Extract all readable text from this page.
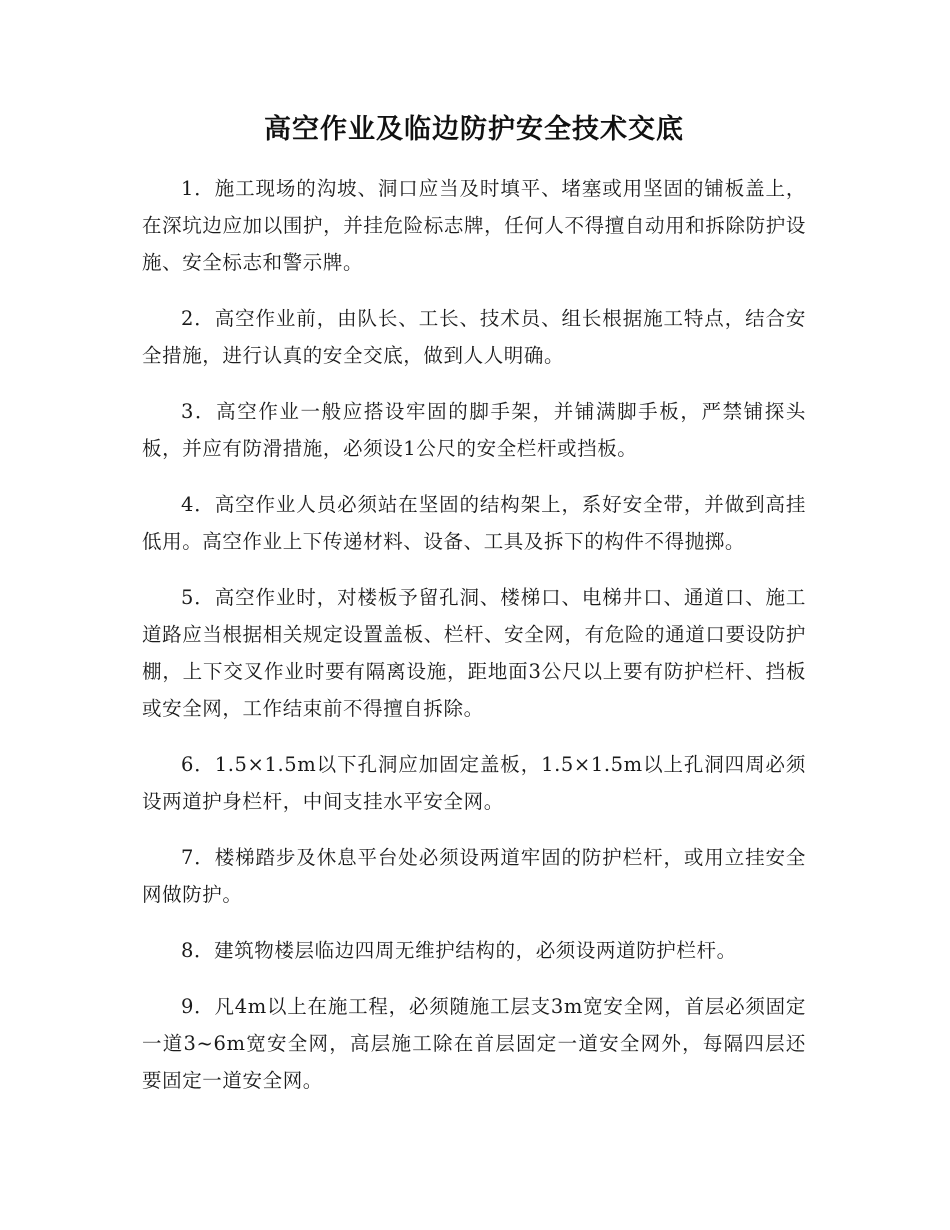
高空作业及临边防护安全技术交底

1．施工现场的沟坡、洞口应当及时填平、堵塞或用坚固的铺板盖上，在深坑边应加以围护，并挂危险标志牌，任何人不得擅自动用和拆除防护设施、安全标志和警示牌。

2．高空作业前，由队长、工长、技术员、组长根据施工特点，结合安全措施，进行认真的安全交底，做到人人明确。

3．高空作业一般应搭设牢固的脚手架，并铺满脚手板，严禁铺探头板，并应有防滑措施，必须设1公尺的安全栏杆或挡板。

4．高空作业人员必须站在坚固的结构架上，系好安全带，并做到高挂低用。高空作业上下传递材料、设备、工具及拆下的构件不得抛掷。

5．高空作业时，对楼板予留孔洞、楼梯口、电梯井口、通道口、施工道路应当根据相关规定设置盖板、栏杆、安全网，有危险的通道口要设防护棚，上下交叉作业时要有隔离设施，距地面3公尺以上要有防护栏杆、挡板或安全网，工作结束前不得擅自拆除。

6．1.5×1.5m以下孔洞应加固定盖板，1.5×1.5m以上孔洞四周必须设两道护身栏杆，中间支挂水平安全网。

7．楼梯踏步及休息平台处必须设两道牢固的防护栏杆，或用立挂安全网做防护。

8．建筑物楼层临边四周无维护结构的，必须设两道防护栏杆。

9．凡4m以上在施工程，必须随施工层支3m宽安全网，首层必须固定一道3~6m宽安全网，高层施工除在首层固定一道安全网外，每隔四层还要固定一道安全网。
